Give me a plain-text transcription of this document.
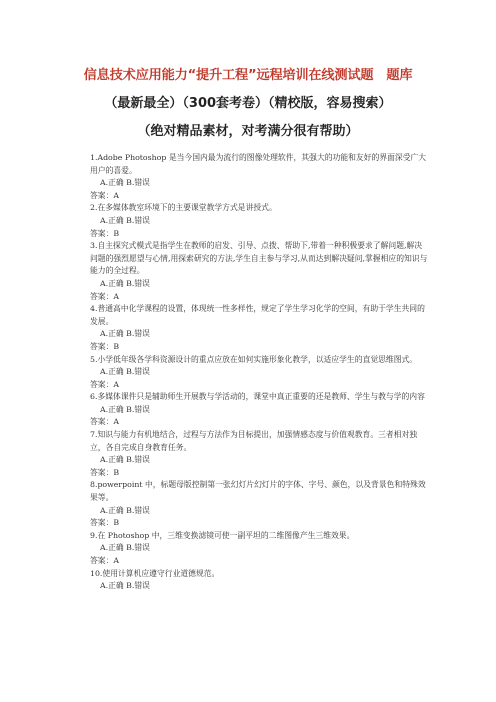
信息技术应用能力“提升工程”远程培训在线测试题　题库
（最新最全）（300套考卷）（精校版，容易搜索）
（绝对精品素材，对考满分很有帮助）
1.Adobe Photoshop 是当今国内最为流行的图像处理软件，其强大的功能和友好的界面深受广大用户的喜爱。
A.正确 B.错误
答案：A
2.在多媒体教室环境下的主要课堂教学方式是讲授式。
A.正确 B.错误
答案：B
3.自主探究式模式是指学生在教师的启发、引导、点拨、帮助下,带着一种积极要求了解问题,解决问题的强烈愿望与心情,用探索研究的方法,学生自主参与学习,从而达到解决疑问,掌握相应的知识与能力的全过程。
A.正确 B.错误
答案：A
4.普通高中化学课程的设置，体现统一性多样性，规定了学生学习化学的空间，有助于学生共同的发展。
A.正确 B.错误
答案：B
5.小学低年级各学科资源设计的重点应放在如何实施形象化教学，以适应学生的直觉思维图式。
A.正确 B.错误
答案：A
6.多媒体课件只是辅助师生开展教与学活动的，课堂中真正重要的还是教师、学生与教与学的内容
A.正确 B.错误
答案：A
7.知识与能力有机地结合，过程与方法作为目标提出，加强情感态度与价值观教育。三者相对独立，各自完成自身教育任务。
A.正确 B.错误
答案：B
8.powerpoint 中，标题母版控制第一张幻灯片幻灯片的字体、字号、颜色，以及背景色和特殊效果等。
A.正确 B.错误
答案：B
9.在 Photoshop 中，三维变换滤镜可使一副平坦的二维图像产生三维效果。
A.正确 B.错误
答案：A
10.使用计算机应遵守行业道德规范。
A.正确 B.错误
